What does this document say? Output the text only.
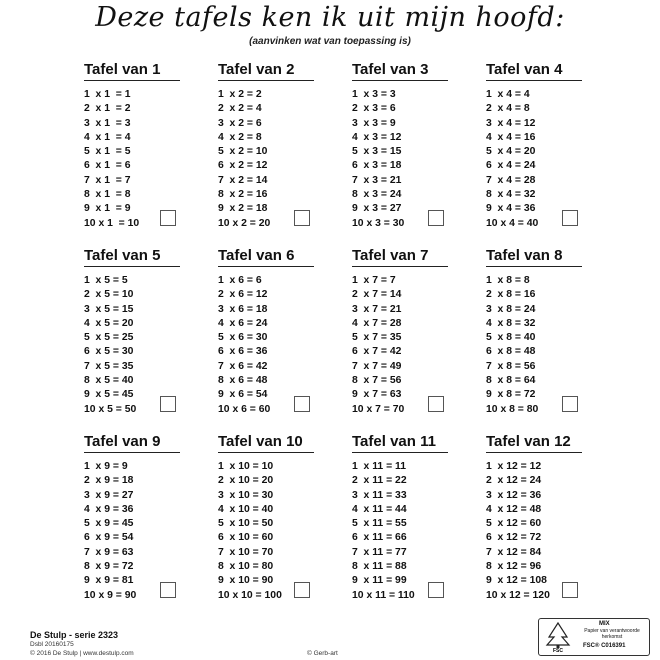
Deze tafels ken ik uit mijn hoofd:
(aanvinken wat van toepassing is)
Tafel van 1
1  x 1  = 1
2  x 1  = 2
3  x 1  = 3
4  x 1  = 4
5  x 1  = 5
6  x 1  = 6
7  x 1  = 7
8  x 1  = 8
9  x 1  = 9
10 x 1  = 10
Tafel van 2
1  x 2 = 2
2  x 2 = 4
3  x 2 = 6
4  x 2 = 8
5  x 2 = 10
6  x 2 = 12
7  x 2 = 14
8  x 2 = 16
9  x 2 = 18
10 x 2 = 20
Tafel van 3
1  x 3 = 3
2  x 3 = 6
3  x 3 = 9
4  x 3 = 12
5  x 3 = 15
6  x 3 = 18
7  x 3 = 21
8  x 3 = 24
9  x 3 = 27
10 x 3 = 30
Tafel van 4
1  x 4 = 4
2  x 4 = 8
3  x 4 = 12
4  x 4 = 16
5  x 4 = 20
6  x 4 = 24
7  x 4 = 28
8  x 4 = 32
9  x 4 = 36
10 x 4 = 40
Tafel van 5
1  x 5 = 5
2  x 5 = 10
3  x 5 = 15
4  x 5 = 20
5  x 5 = 25
6  x 5 = 30
7  x 5 = 35
8  x 5 = 40
9  x 5 = 45
10 x 5 = 50
Tafel van 6
1  x 6 = 6
2  x 6 = 12
3  x 6 = 18
4  x 6 = 24
5  x 6 = 30
6  x 6 = 36
7  x 6 = 42
8  x 6 = 48
9  x 6 = 54
10 x 6 = 60
Tafel van 7
1  x 7 = 7
2  x 7 = 14
3  x 7 = 21
4  x 7 = 28
5  x 7 = 35
6  x 7 = 42
7  x 7 = 49
8  x 7 = 56
9  x 7 = 63
10 x 7 = 70
Tafel van 8
1  x 8 = 8
2  x 8 = 16
3  x 8 = 24
4  x 8 = 32
5  x 8 = 40
6  x 8 = 48
7  x 8 = 56
8  x 8 = 64
9  x 8 = 72
10 x 8 = 80
Tafel van 9
1  x 9 = 9
2  x 9 = 18
3  x 9 = 27
4  x 9 = 36
5  x 9 = 45
6  x 9 = 54
7  x 9 = 63
8  x 9 = 72
9  x 9 = 81
10 x 9 = 90
Tafel van 10
1  x 10 = 10
2  x 10 = 20
3  x 10 = 30
4  x 10 = 40
5  x 10 = 50
6  x 10 = 60
7  x 10 = 70
8  x 10 = 80
9  x 10 = 90
10 x 10 = 100
Tafel van 11
1  x 11 = 11
2  x 11 = 22
3  x 11 = 33
4  x 11 = 44
5  x 11 = 55
6  x 11 = 66
7  x 11 = 77
8  x 11 = 88
9  x 11 = 99
10 x 11 = 110
Tafel van 12
1  x 12 = 12
2  x 12 = 24
3  x 12 = 36
4  x 12 = 48
5  x 12 = 60
6  x 12 = 72
7  x 12 = 84
8  x 12 = 96
9  x 12 = 108
10 x 12 = 120
De Stulp - serie 2323
Dsbl 20160175
© 2016 De Stulp | www.destulp.com	© Gerb-art	FSC
MIX
Papier van verantwoorde herkomst
FSC® C016391
